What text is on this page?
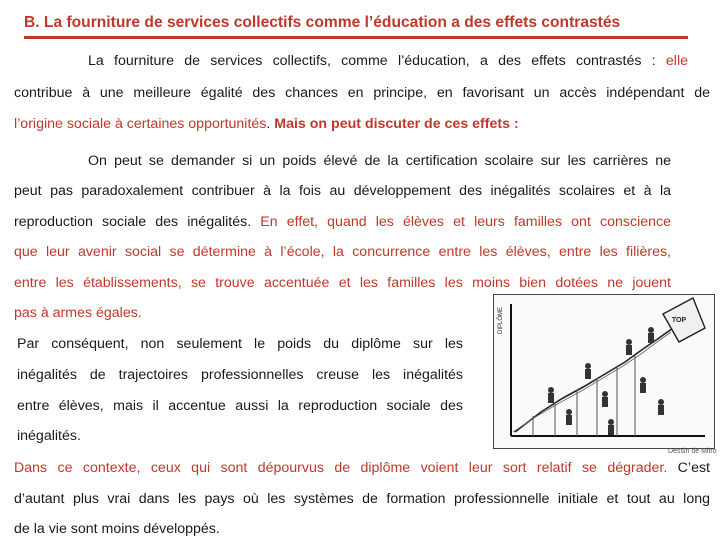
B. La fourniture de services collectifs comme l’éducation a des effets contrastés
La fourniture de services collectifs, comme l’éducation, a des effets contrastés : elle
contribue à une meilleure égalité des chances en principe, en favorisant un accès indépendant de
l’origine sociale à certaines opportunités. Mais on peut discuter de ces effets :
On peut se demander si un poids élevé de la certification scolaire sur les carrières ne
peut pas paradoxalement contribuer à la fois au développement des inégalités scolaires et à la
reproduction sociale des inégalités. En effet, quand les élèves et leurs familles ont conscience
que leur avenir social se détermine à l’école, la concurrence entre les élèves, entre les filières,
entre les établissements, se trouve accentuée et les familles les moins bien dotées ne jouent
pas à armes égales.
Par conséquent, non seulement le poids du diplôme sur les
inégalités de trajectoires professionnelles creuse les inégalités
entre élèves, mais il accentue aussi la reproduction sociale des
inégalités.
DIPLÔME	TOP
Dessin de Mitro
Dans ce contexte, ceux qui sont dépourvus de diplôme voient leur sort relatif se dégrader. C’est
d’autant plus vrai dans les pays où les systèmes de formation professionnelle initiale et tout au long
de la vie sont moins développés.
